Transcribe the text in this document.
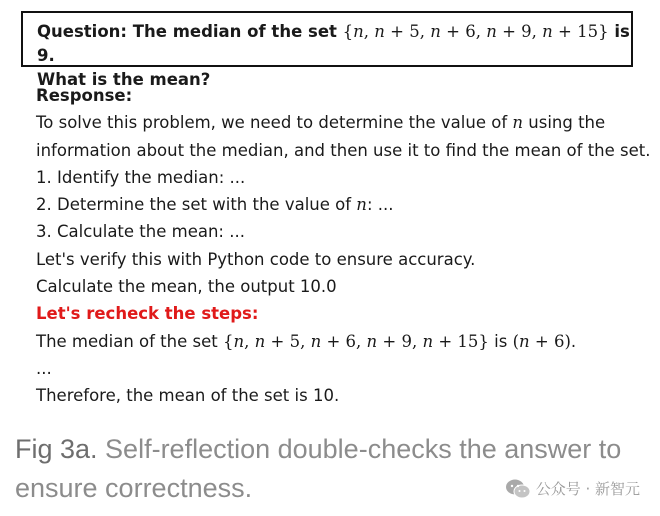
Question: The median of the set {n, n + 5, n + 6, n + 9, n + 15} is 9.
What is the mean?
Response:
To solve this problem, we need to determine the value of n using the
information about the median, and then use it to find the mean of the set.
1. Identify the median: ...
2. Determine the set with the value of n: ...
3. Calculate the mean: ...
Let's verify this with Python code to ensure accuracy.
Calculate the mean, the output 10.0
Let's recheck the steps:
The median of the set {n, n + 5, n + 6, n + 9, n + 15} is (n + 6).
...
Therefore, the mean of the set is 10.
Fig 3a. Self-reflection double-checks the answer to ensure correctness.	公众号 · 新智元
